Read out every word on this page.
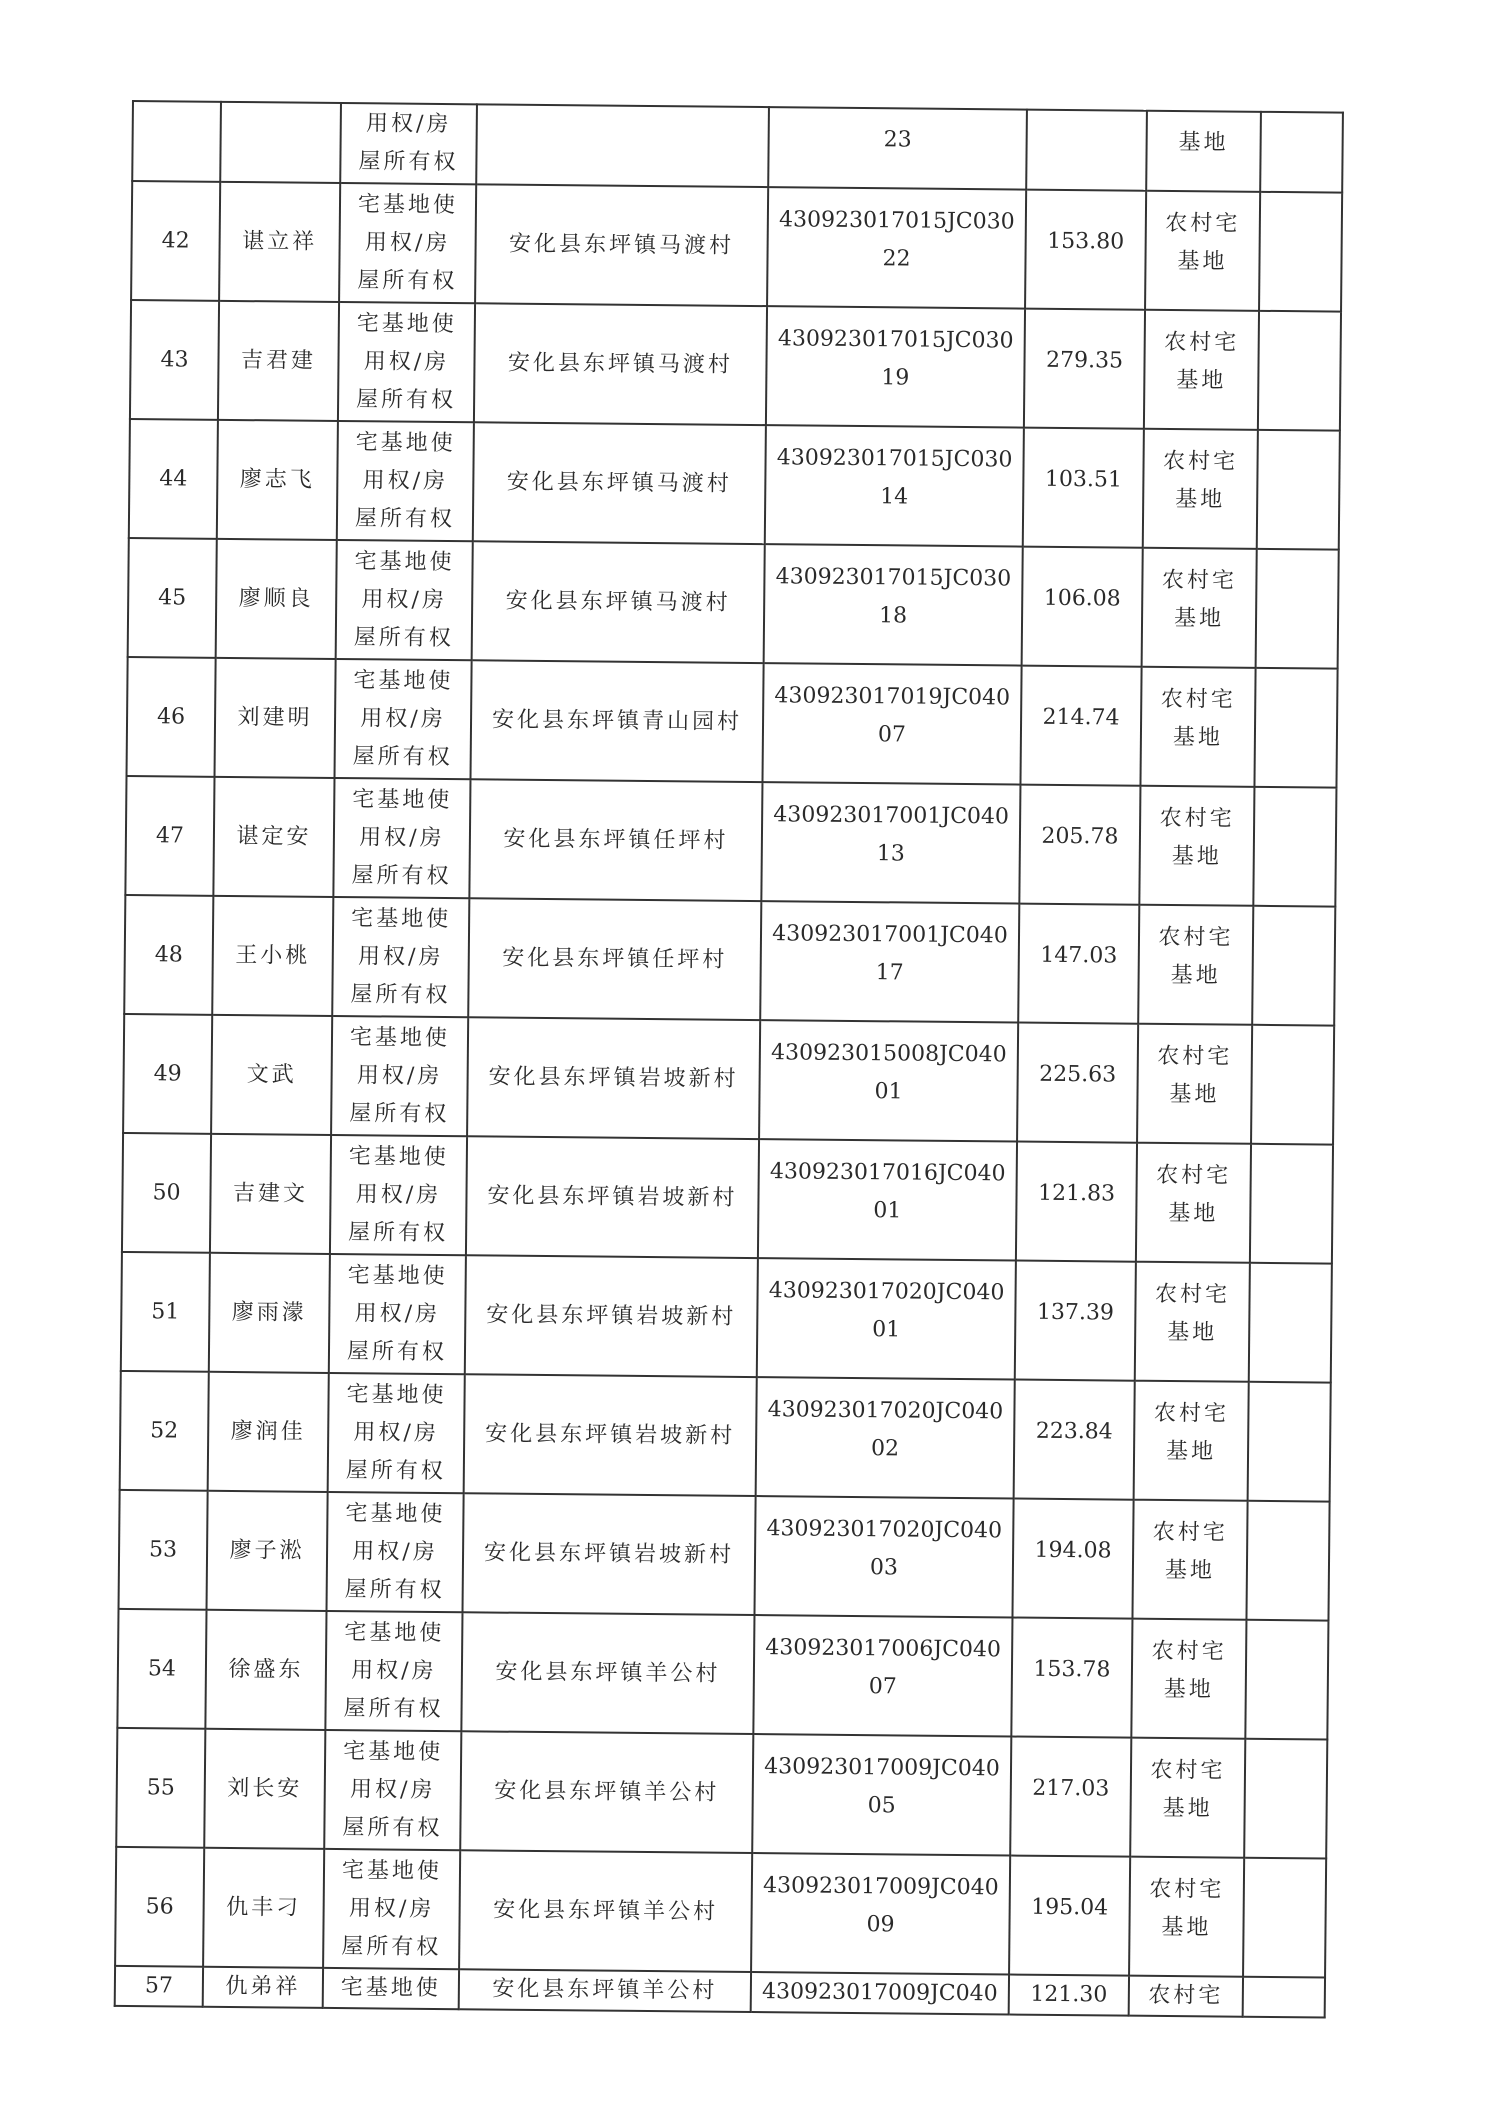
		用权/房
屋所有权		23		基地	

42	谌立祥	宅基地使
用权/房
屋所有权	安化县东坪镇马渡村	430923017015JC030
22	153.80	农村宅
基地	

43	吉君建	宅基地使
用权/房
屋所有权	安化县东坪镇马渡村	430923017015JC030
19	279.35	农村宅
基地	

44	廖志飞	宅基地使
用权/房
屋所有权	安化县东坪镇马渡村	430923017015JC030
14	103.51	农村宅
基地	

45	廖顺良	宅基地使
用权/房
屋所有权	安化县东坪镇马渡村	430923017015JC030
18	106.08	农村宅
基地	

46	刘建明	宅基地使
用权/房
屋所有权	安化县东坪镇青山园村	430923017019JC040
07	214.74	农村宅
基地	

47	谌定安	宅基地使
用权/房
屋所有权	安化县东坪镇任坪村	430923017001JC040
13	205.78	农村宅
基地	

48	王小桃	宅基地使
用权/房
屋所有权	安化县东坪镇任坪村	430923017001JC040
17	147.03	农村宅
基地	

49	文武	宅基地使
用权/房
屋所有权	安化县东坪镇岩坡新村	430923015008JC040
01	225.63	农村宅
基地	

50	吉建文	宅基地使
用权/房
屋所有权	安化县东坪镇岩坡新村	430923017016JC040
01	121.83	农村宅
基地	

51	廖雨濛	宅基地使
用权/房
屋所有权	安化县东坪镇岩坡新村	430923017020JC040
01	137.39	农村宅
基地	

52	廖润佳	宅基地使
用权/房
屋所有权	安化县东坪镇岩坡新村	430923017020JC040
02	223.84	农村宅
基地	

53	廖子淞	宅基地使
用权/房
屋所有权	安化县东坪镇岩坡新村	430923017020JC040
03	194.08	农村宅
基地	

54	徐盛东	宅基地使
用权/房
屋所有权	安化县东坪镇羊公村	430923017006JC040
07	153.78	农村宅
基地	

55	刘长安	宅基地使
用权/房
屋所有权	安化县东坪镇羊公村	430923017009JC040
05	217.03	农村宅
基地	

56	仇丰刁	宅基地使
用权/房
屋所有权	安化县东坪镇羊公村	430923017009JC040
09	195.04	农村宅
基地	

57	仇弟祥	宅基地使	安化县东坪镇羊公村	430923017009JC040	121.30	农村宅	
